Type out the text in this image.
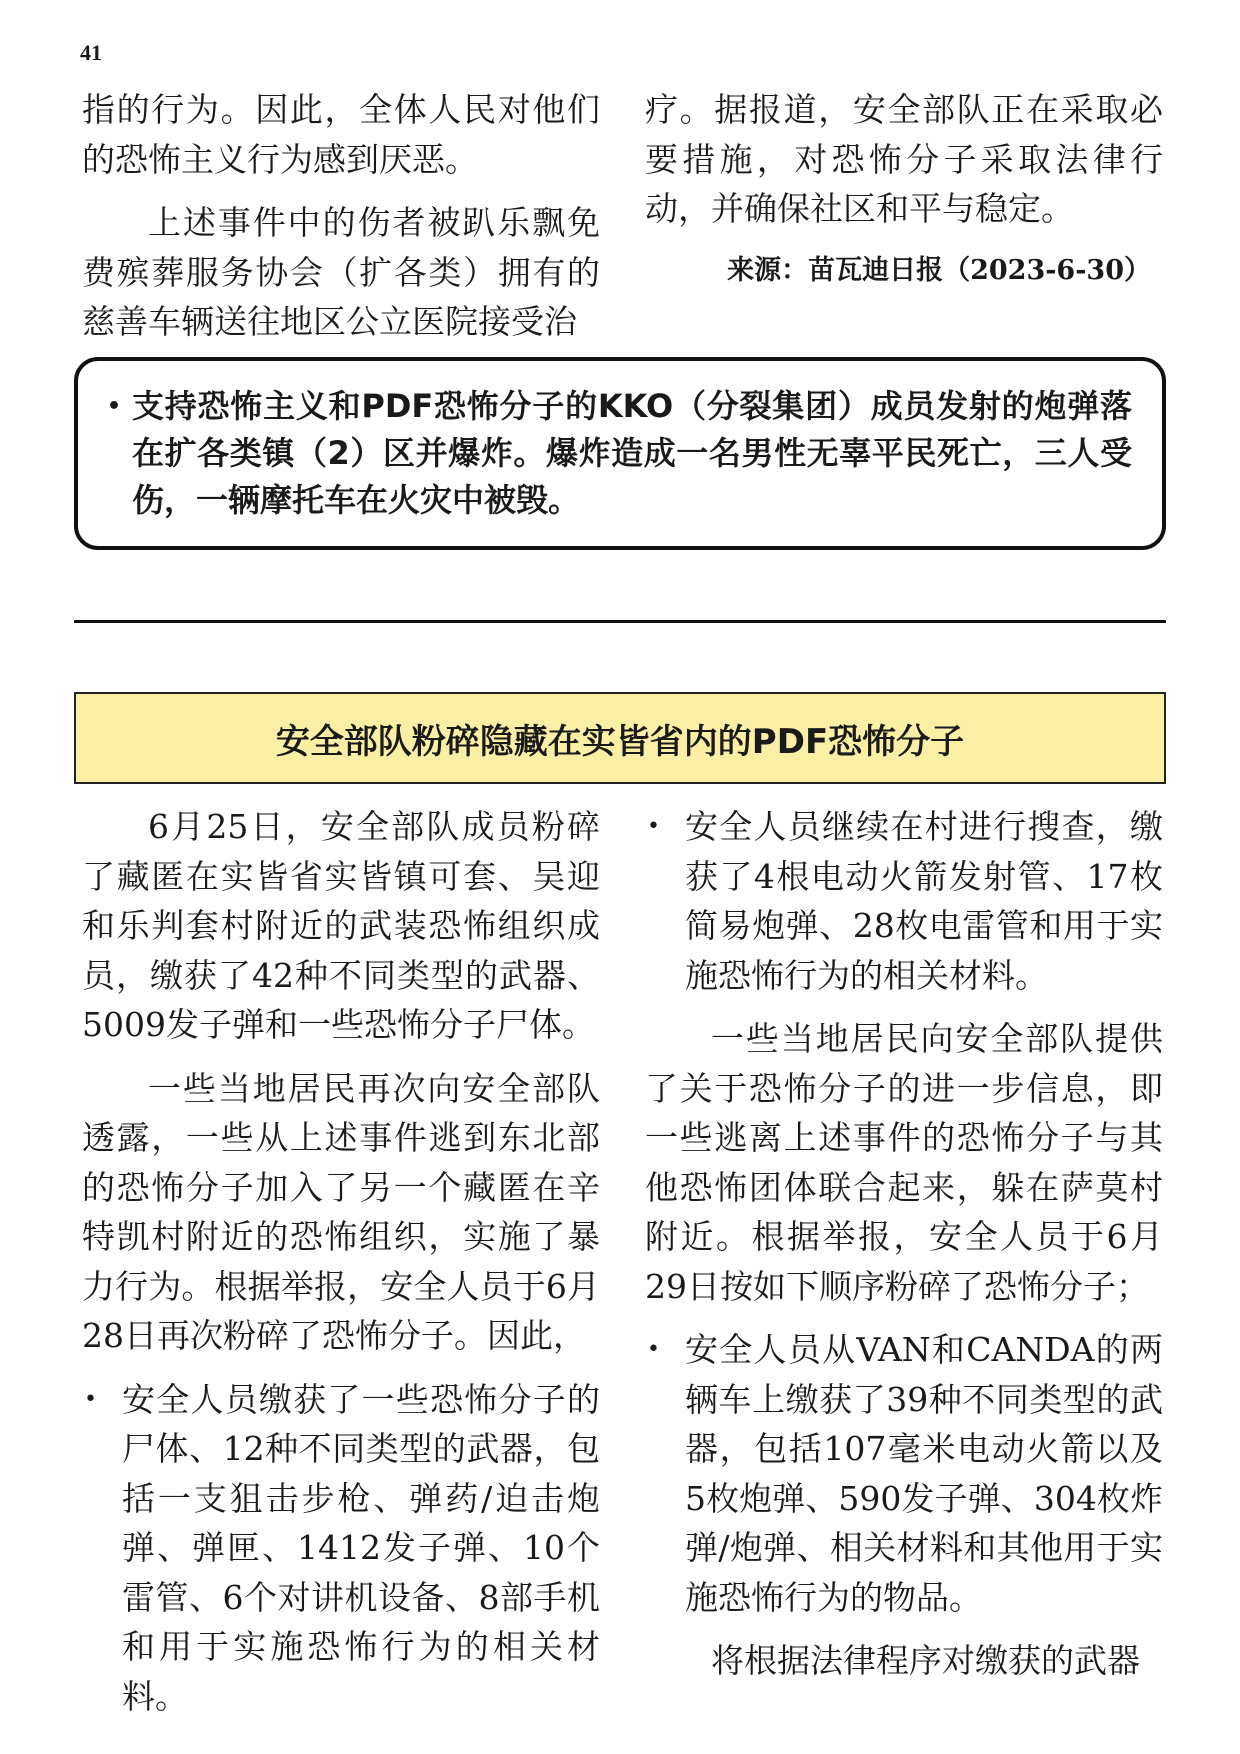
41

指的行为。因此，全体人民对他们的恐怖主义行为感到厌恶。

上述事件中的伤者被趴乐飘免费殡葬服务协会（扩各类）拥有的慈善车辆送往地区公立医院接受治

疗。据报道，安全部队正在采取必要措施，对恐怖分子采取法律行动，并确保社区和平与稳定。

来源：苗瓦迪日报（2023-6-30）

• 支持恐怖主义和PDF恐怖分子的KKO（分裂集团）成员发射的炮弹落在扩各类镇（2）区并爆炸。爆炸造成一名男性无辜平民死亡，三人受伤，一辆摩托车在火灾中被毁。
安全部队粉碎隐藏在实皆省内的PDF恐怖分子

6月25日，安全部队成员粉碎了藏匿在实皆省实皆镇可套、吴迎和乐判套村附近的武装恐怖组织成员，缴获了42种不同类型的武器、5009发子弹和一些恐怖分子尸体。

一些当地居民再次向安全部队透露，一些从上述事件逃到东北部的恐怖分子加入了另一个藏匿在辛特凯村附近的恐怖组织，实施了暴力行为。根据举报，安全人员于6月28日再次粉碎了恐怖分子。因此，

• 安全人员缴获了一些恐怖分子的尸体、12种不同类型的武器，包括一支狙击步枪、弹药/迫击炮弹、弹匣、1412发子弹、10个雷管、6个对讲机设备、8部手机和用于实施恐怖行为的相关材料。
• 安全人员继续在村进行搜查，缴获了4根电动火箭发射管、17枚简易炮弹、28枚电雷管和用于实施恐怖行为的相关材料。

一些当地居民向安全部队提供了关于恐怖分子的进一步信息，即一些逃离上述事件的恐怖分子与其他恐怖团体联合起来，躲在萨莫村附近。根据举报，安全人员于6月29日按如下顺序粉碎了恐怖分子；

• 安全人员从VAN和CANDA的两辆车上缴获了39种不同类型的武器，包括107毫米电动火箭以及5枚炮弹、590发子弹、304枚炸弹/炮弹、相关材料和其他用于实施恐怖行为的物品。

将根据法律程序对缴获的武器
